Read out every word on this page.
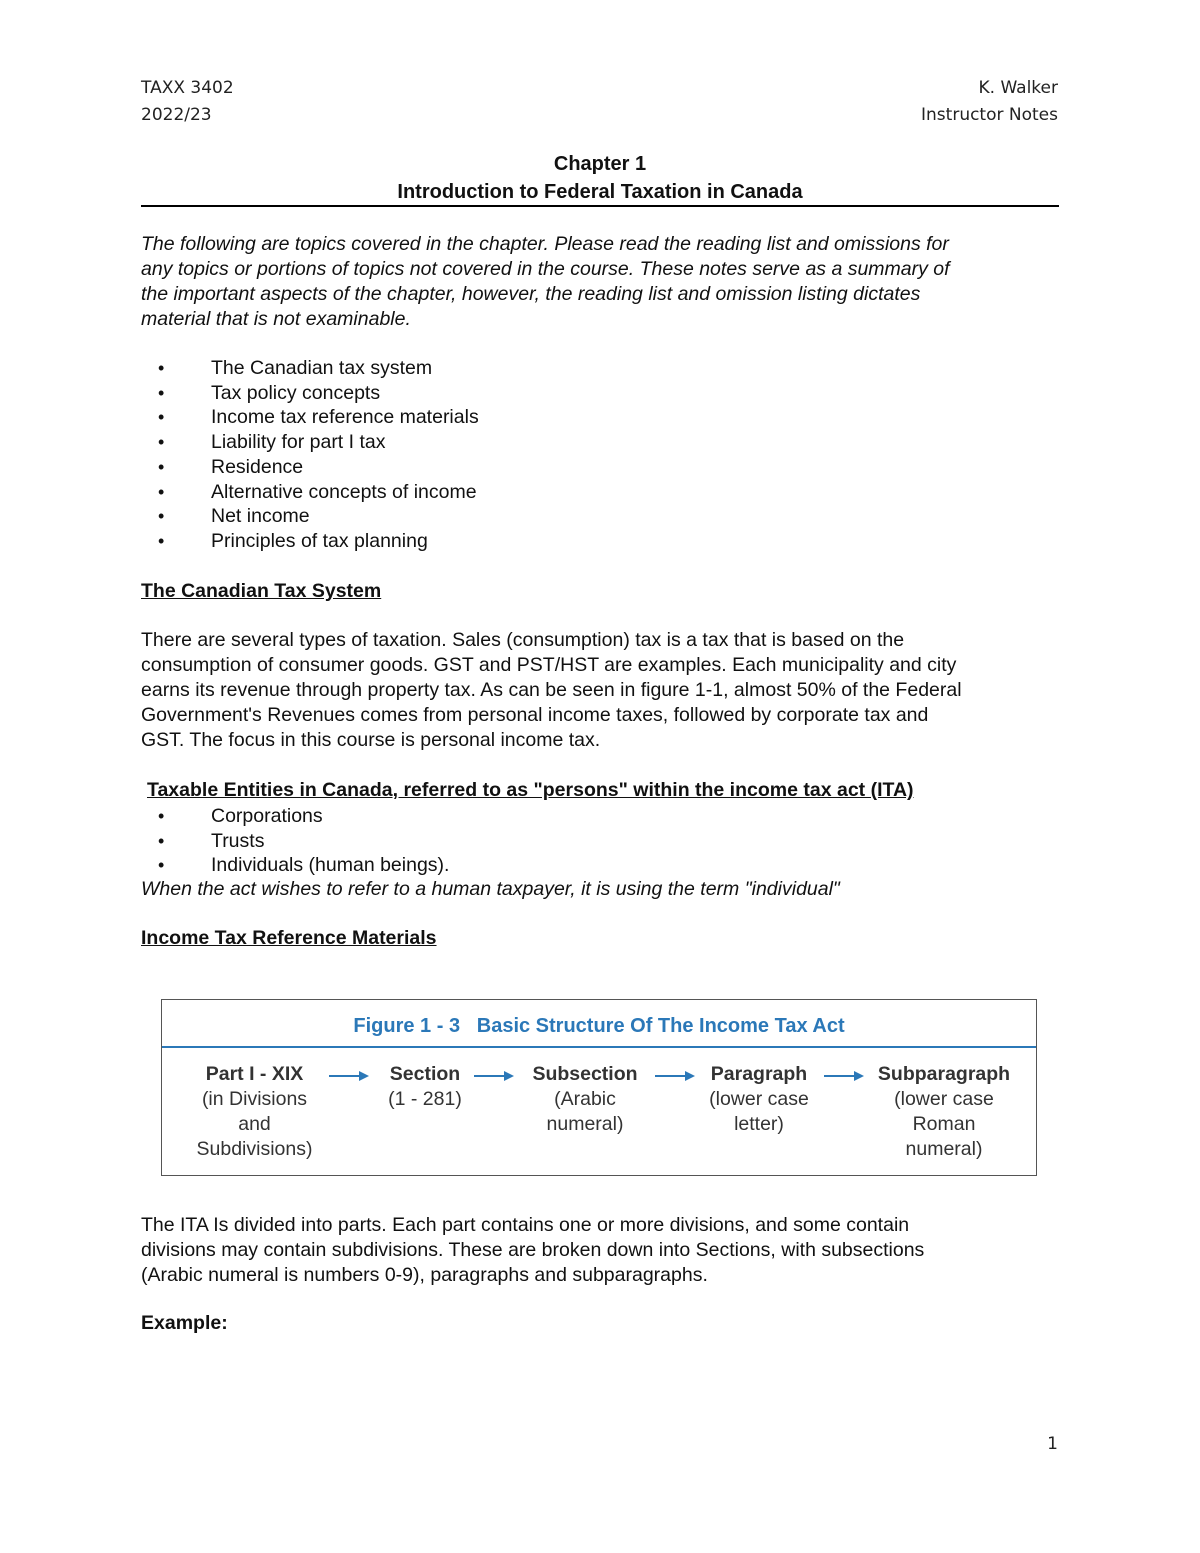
TAXX 3402
2022/23
K. Walker
Instructor Notes
Chapter 1
Introduction to Federal Taxation in Canada
The following are topics covered in the chapter. Please read the reading list and omissions for
any topics or portions of topics not covered in the course. These notes serve as a summary of
the important aspects of the chapter, however, the reading list and omission listing dictates
material that is not examinable.
• The Canadian tax system
• Tax policy concepts
• Income tax reference materials
• Liability for part I tax
• Residence
• Alternative concepts of income
• Net income
• Principles of tax planning
The Canadian Tax System
There are several types of taxation. Sales (consumption) tax is a tax that is based on the
consumption of consumer goods. GST and PST/HST are examples. Each municipality and city
earns its revenue through property tax. As can be seen in figure 1-1, almost 50% of the Federal
Government's Revenues comes from personal income taxes, followed by corporate tax and
GST. The focus in this course is personal income tax.
Taxable Entities in Canada, referred to as "persons" within the income tax act (ITA)
• Corporations
• Trusts
• Individuals (human beings).
When the act wishes to refer to a human taxpayer, it is using the term "individual"
Income Tax Reference Materials
Figure 1 - 3 Basic Structure Of The Income Tax Act
Part I - XIX
(in Divisions
and
Subdivisions)
Section
(1 - 281)
Subsection
(Arabic
numeral)
Paragraph
(lower case
letter)
Subparagraph
(lower case
Roman
numeral)
The ITA Is divided into parts. Each part contains one or more divisions, and some contain
divisions may contain subdivisions. These are broken down into Sections, with subsections
(Arabic numeral is numbers 0-9), paragraphs and subparagraphs.
Example:
1
